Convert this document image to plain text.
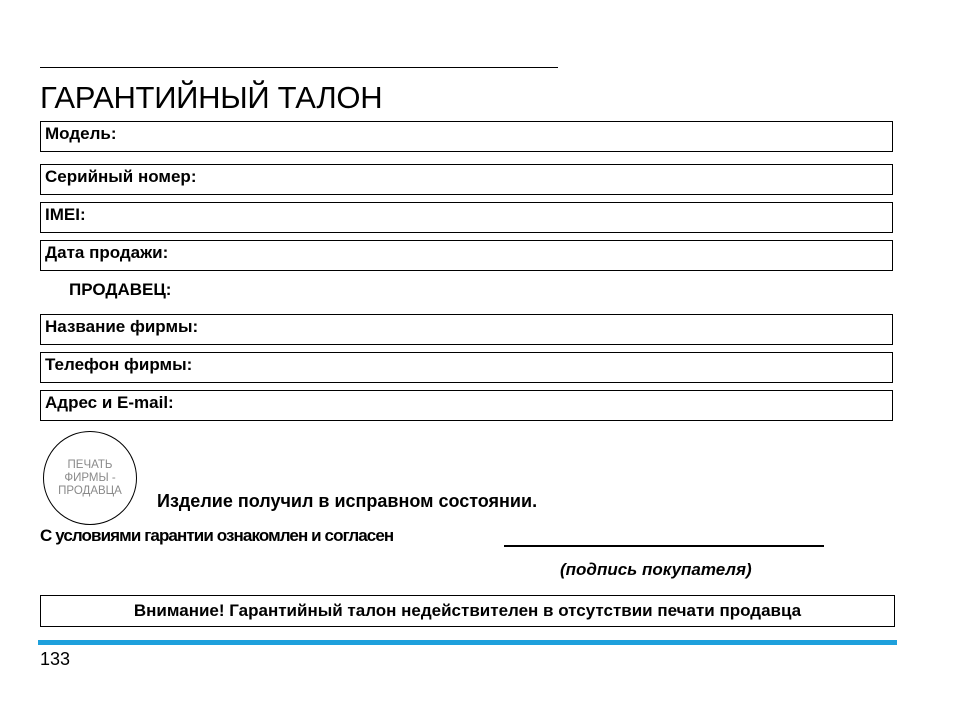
ГАРАНТИЙНЫЙ ТАЛОН
Модель:
Серийный номер:
IMEI:
Дата продажи:
ПРОДАВЕЦ:
Название фирмы:
Телефон фирмы:
Адрес и E-mail:
ПЕЧАТЬ
ФИРМЫ -
ПРОДАВЦА
Изделие получил в исправном состоянии.
С условиями гарантии ознакомлен и согласен
(подпись покупателя)
Внимание! Гарантийный талон недействителен в отсутствии печати продавца
133
